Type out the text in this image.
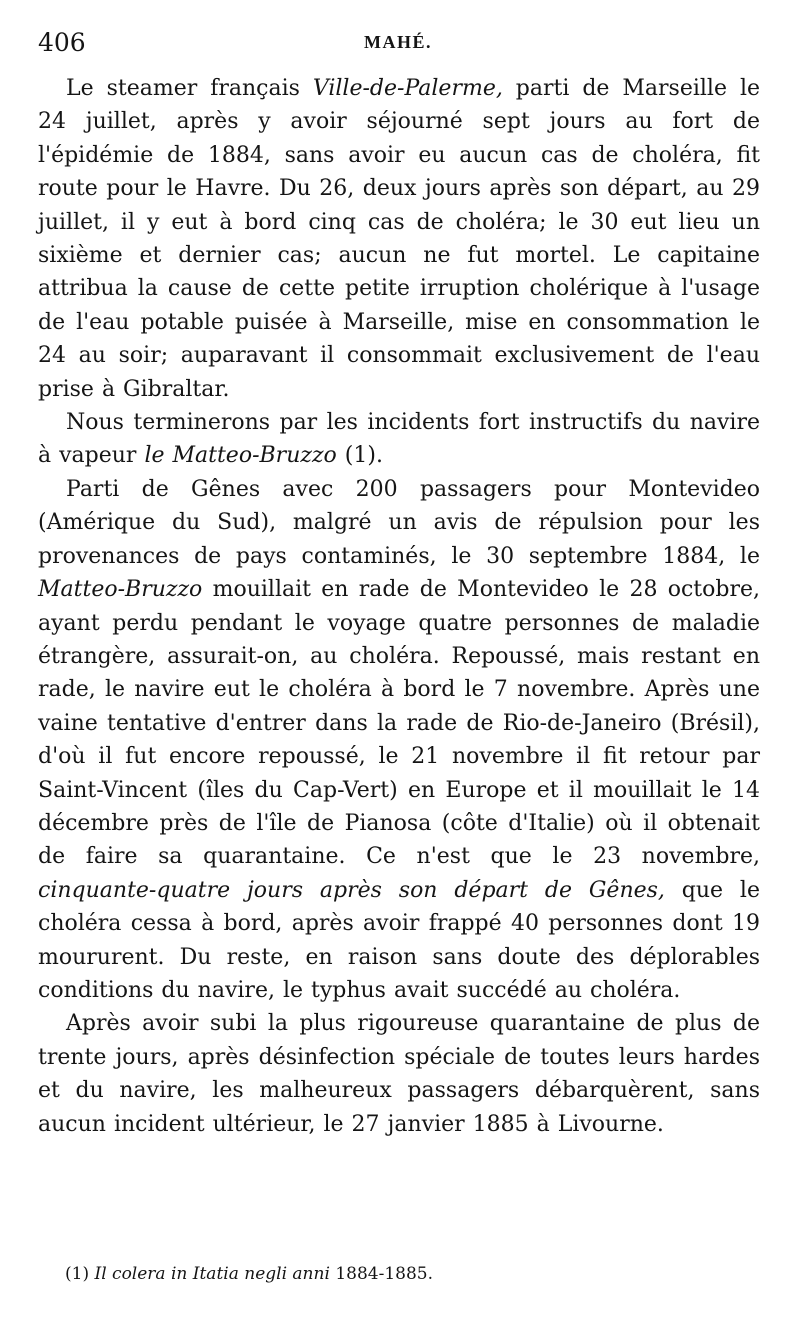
406	MAHÉ.

Le steamer français Ville-de-Palerme, parti de Marseille le 24 juillet, après y avoir séjourné sept jours au fort de l'épidémie de 1884, sans avoir eu aucun cas de choléra, fit route pour le Havre. Du 26, deux jours après son départ, au 29 juillet, il y eut à bord cinq cas de choléra; le 30 eut lieu un sixième et dernier cas; aucun ne fut mortel. Le capitaine attribua la cause de cette petite irruption cholérique à l'usage de l'eau potable puisée à Marseille, mise en consommation le 24 au soir; auparavant il consommait exclusivement de l'eau prise à Gibraltar.

Nous terminerons par les incidents fort instructifs du navire à vapeur le Matteo-Bruzzo (1).

Parti de Gênes avec 200 passagers pour Montevideo (Amérique du Sud), malgré un avis de répulsion pour les provenances de pays contaminés, le 30 septembre 1884, le Matteo-Bruzzo mouillait en rade de Montevideo le 28 octobre, ayant perdu pendant le voyage quatre personnes de maladie étrangère, assurait-on, au choléra. Repoussé, mais restant en rade, le navire eut le choléra à bord le 7 novembre. Après une vaine tentative d'entrer dans la rade de Rio-de-Janeiro (Brésil), d'où il fut encore repoussé, le 21 novembre il fit retour par Saint-Vincent (îles du Cap-Vert) en Europe et il mouillait le 14 décembre près de l'île de Pianosa (côte d'Italie) où il obtenait de faire sa quarantaine. Ce n'est que le 23 novembre, cinquante-quatre jours après son départ de Gênes, que le choléra cessa à bord, après avoir frappé 40 personnes dont 19 moururent. Du reste, en raison sans doute des déplorables conditions du navire, le typhus avait succédé au choléra.

Après avoir subi la plus rigoureuse quarantaine de plus de trente jours, après désinfection spéciale de toutes leurs hardes et du navire, les malheureux passagers débarquèrent, sans aucun incident ultérieur, le 27 janvier 1885 à Livourne.

(1) Il colera in Itatia negli anni 1884-1885.
